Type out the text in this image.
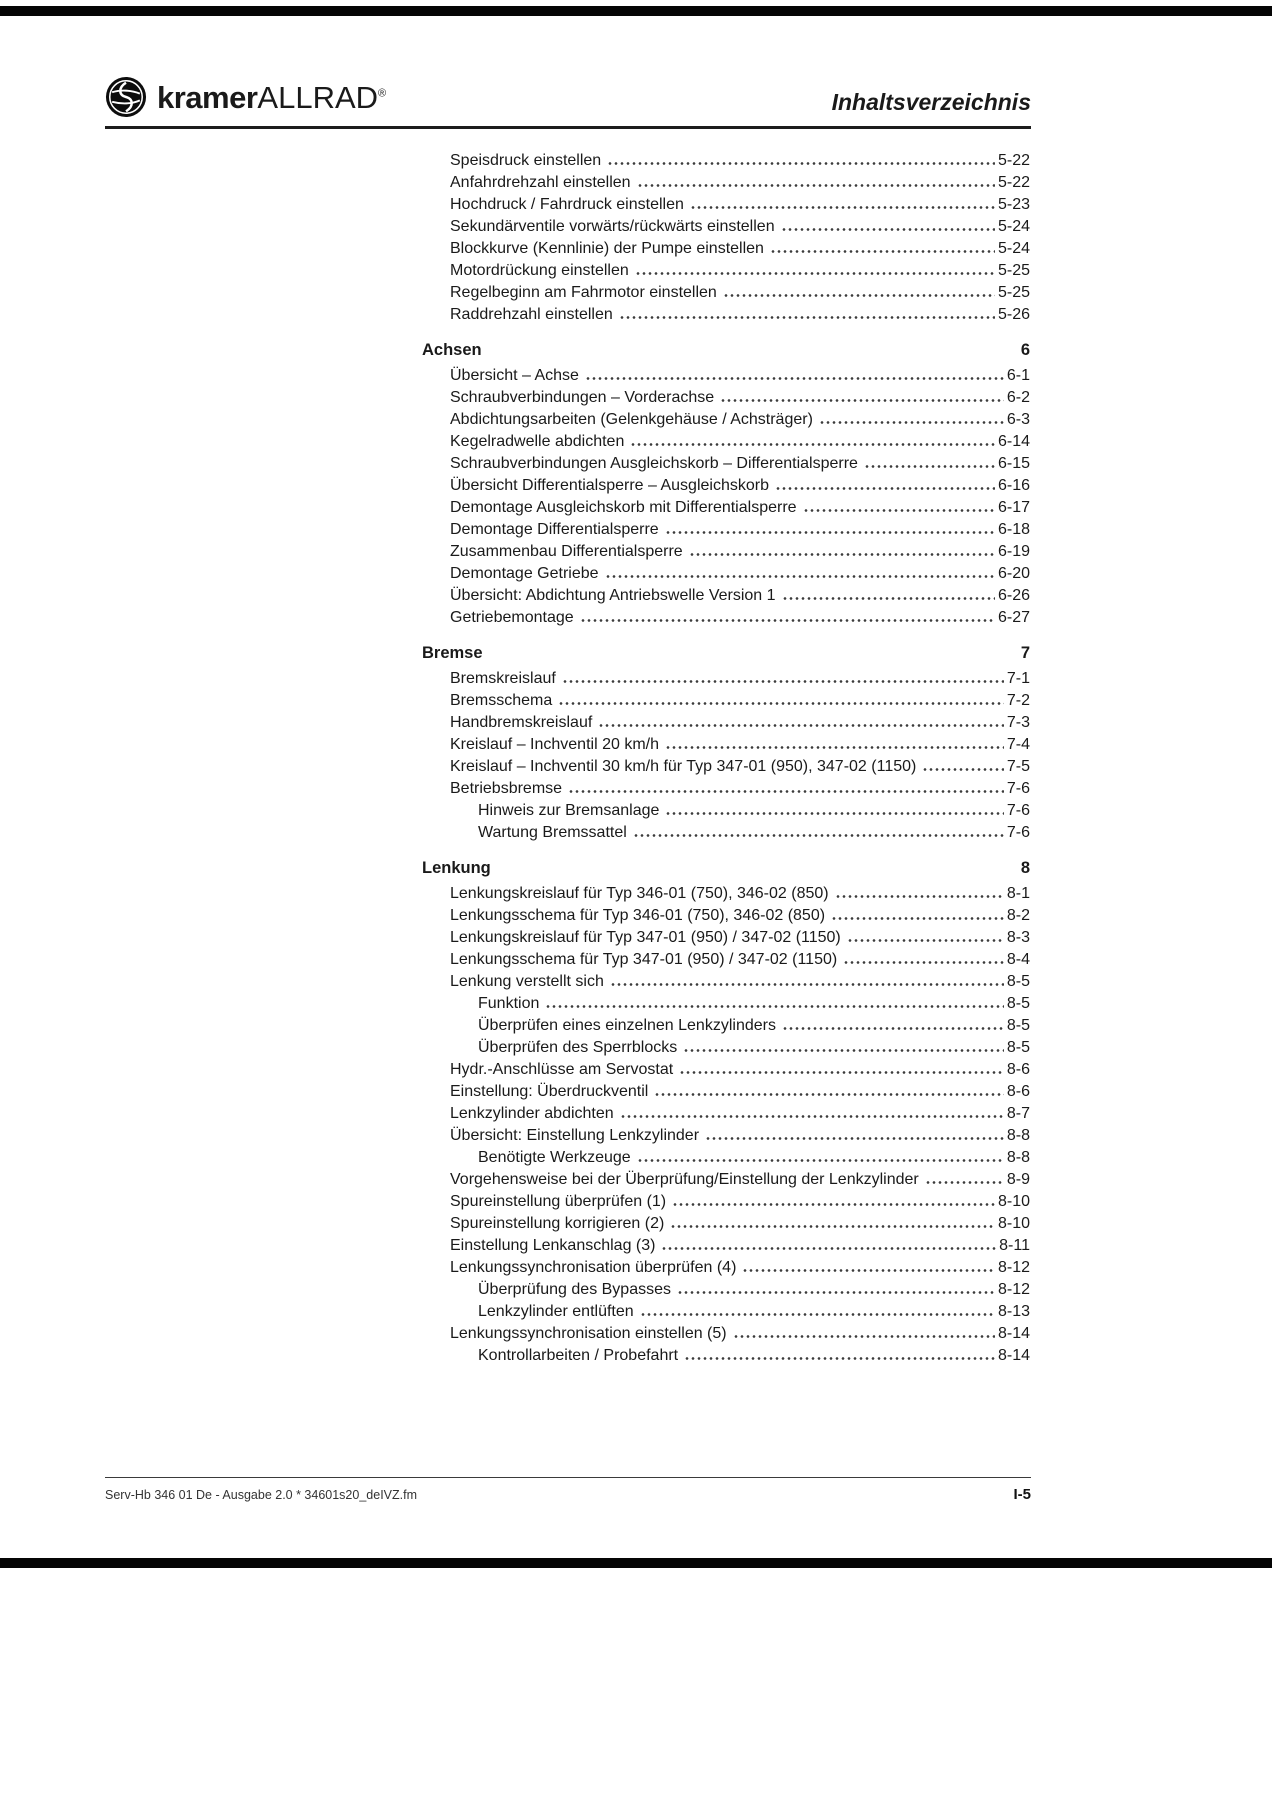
kramerALLRAD®	Inhaltsverzeichnis
Speisdruck einstellen	5-22
Anfahrdrehzahl einstellen	5-22
Hochdruck / Fahrdruck einstellen	5-23
Sekundärventile vorwärts/rückwärts einstellen	5-24
Blockkurve (Kennlinie) der Pumpe einstellen	5-24
Motordrückung einstellen	5-25
Regelbeginn am Fahrmotor einstellen	5-25
Raddrehzahl einstellen	5-26
Achsen	6
Übersicht – Achse	6-1
Schraubverbindungen – Vorderachse	6-2
Abdichtungsarbeiten (Gelenkgehäuse / Achsträger)	6-3
Kegelradwelle abdichten	6-14
Schraubverbindungen Ausgleichskorb – Differentialsperre	6-15
Übersicht Differentialsperre – Ausgleichskorb	6-16
Demontage Ausgleichskorb mit Differentialsperre	6-17
Demontage Differentialsperre	6-18
Zusammenbau Differentialsperre	6-19
Demontage Getriebe	6-20
Übersicht: Abdichtung Antriebswelle Version 1	6-26
Getriebemontage	6-27
Bremse	7
Bremskreislauf	7-1
Bremsschema	7-2
Handbremskreislauf	7-3
Kreislauf – Inchventil 20 km/h	7-4
Kreislauf – Inchventil 30 km/h für Typ 347-01 (950), 347-02 (1150)	7-5
Betriebsbremse	7-6
Hinweis zur Bremsanlage	7-6
Wartung Bremssattel	7-6
Lenkung	8
Lenkungskreislauf für Typ 346-01 (750), 346-02 (850)	8-1
Lenkungsschema für Typ 346-01 (750), 346-02 (850)	8-2
Lenkungskreislauf für Typ 347-01 (950) / 347-02 (1150)	8-3
Lenkungsschema für Typ 347-01 (950) / 347-02 (1150)	8-4
Lenkung verstellt sich	8-5
Funktion	8-5
Überprüfen eines einzelnen Lenkzylinders	8-5
Überprüfen des Sperrblocks	8-5
Hydr.-Anschlüsse am Servostat	8-6
Einstellung: Überdruckventil	8-6
Lenkzylinder abdichten	8-7
Übersicht: Einstellung Lenkzylinder	8-8
Benötigte Werkzeuge	8-8
Vorgehensweise bei der Überprüfung/Einstellung der Lenkzylinder	8-9
Spureinstellung überprüfen (1)	8-10
Spureinstellung korrigieren (2)	8-10
Einstellung Lenkanschlag (3)	8-11
Lenkungssynchronisation überprüfen (4)	8-12
Überprüfung des Bypasses	8-12
Lenkzylinder entlüften	8-13
Lenkungssynchronisation einstellen (5)	8-14
Kontrollarbeiten / Probefahrt	8-14
Serv-Hb 346 01 De - Ausgabe 2.0 * 34601s20_deIVZ.fm	I-5
